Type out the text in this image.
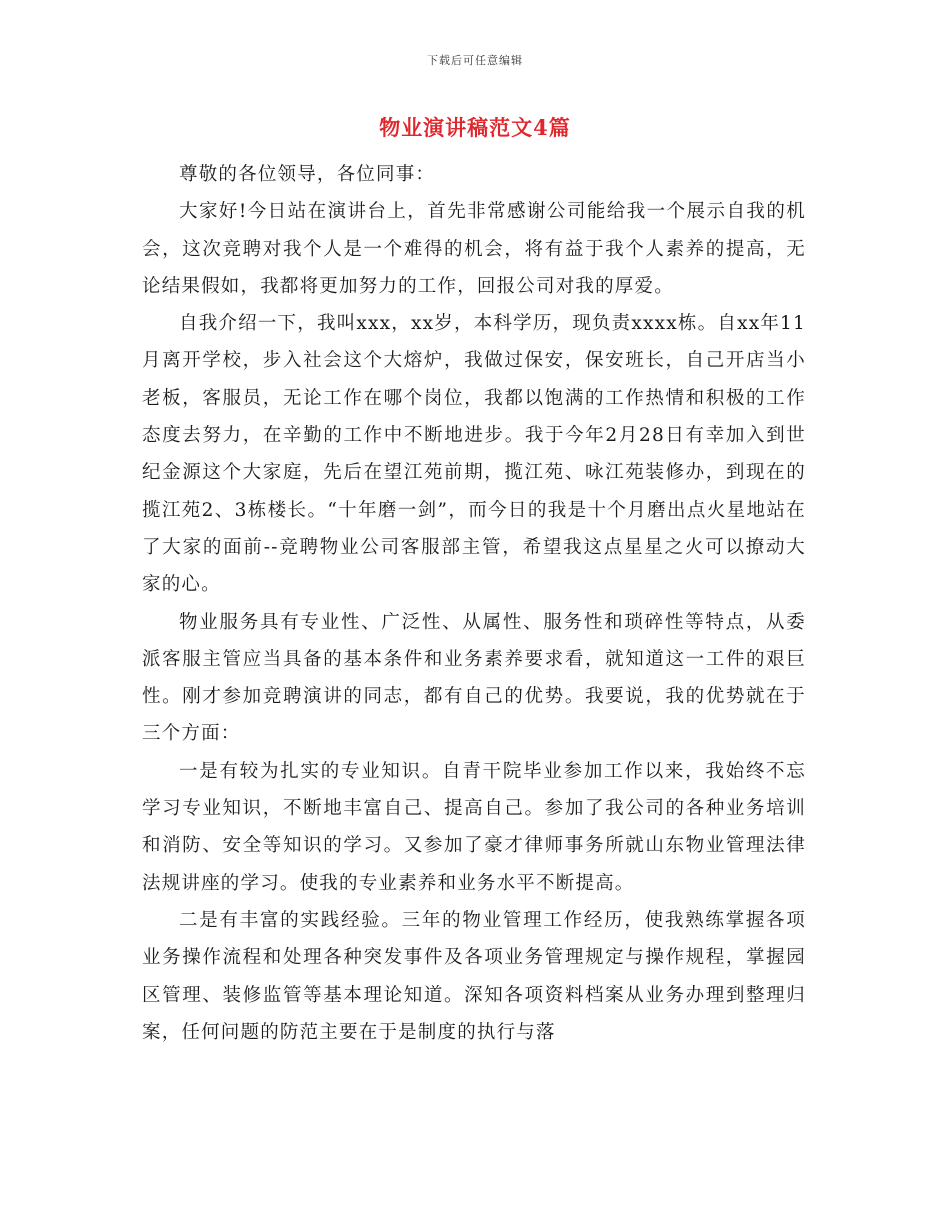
下载后可任意编辑
物业演讲稿范文4篇

尊敬的各位领导，各位同事：

大家好!今日站在演讲台上，首先非常感谢公司能给我一个展示自我的机会，这次竞聘对我个人是一个难得的机会，将有益于我个人素养的提高，无论结果假如，我都将更加努力的工作，回报公司对我的厚爱。

自我介绍一下，我叫xxx，xx岁，本科学历，现负责xxxx栋。自xx年11月离开学校，步入社会这个大熔炉，我做过保安，保安班长，自己开店当小老板，客服员，无论工作在哪个岗位，我都以饱满的工作热情和积极的工作态度去努力，在辛勤的工作中不断地进步。我于今年2月28日有幸加入到世纪金源这个大家庭，先后在望江苑前期，揽江苑、咏江苑装修办，到现在的揽江苑2、3栋楼长。“十年磨一剑”，而今日的我是十个月磨出点火星地站在了大家的面前--竞聘物业公司客服部主管，希望我这点星星之火可以撩动大家的心。

物业服务具有专业性、广泛性、从属性、服务性和琐碎性等特点，从委派客服主管应当具备的基本条件和业务素养要求看，就知道这一工件的艰巨性。刚才参加竞聘演讲的同志，都有自己的优势。我要说，我的优势就在于三个方面：

一是有较为扎实的专业知识。自青干院毕业参加工作以来，我始终不忘学习专业知识，不断地丰富自己、提高自己。参加了我公司的各种业务培训和消防、安全等知识的学习。又参加了豪才律师事务所就山东物业管理法律法规讲座的学习。使我的专业素养和业务水平不断提高。

二是有丰富的实践经验。三年的物业管理工作经历，使我熟练掌握各项业务操作流程和处理各种突发事件及各项业务管理规定与操作规程，掌握园区管理、装修监管等基本理论知道。深知各项资料档案从业务办理到整理归案，任何问题的防范主要在于是制度的执行与落
